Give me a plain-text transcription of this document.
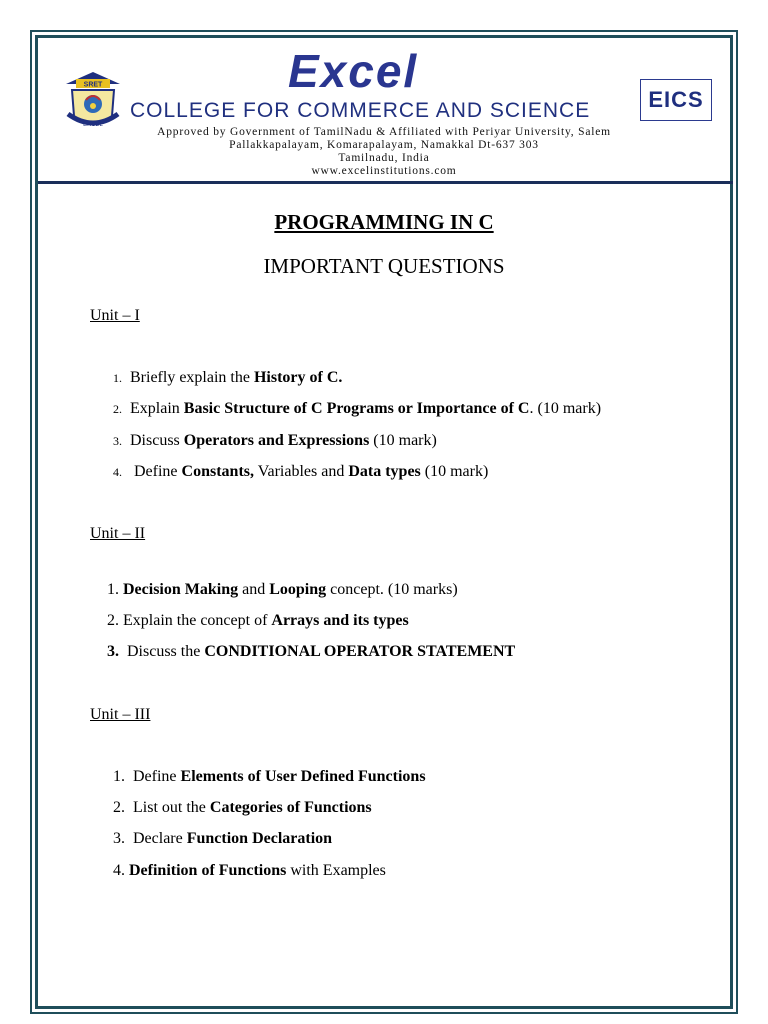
SRET
EXCEL
Excel
COLLEGE FOR COMMERCE AND SCIENCE	EICS
Approved by Government of TamilNadu & Affiliated with Periyar University, Salem
Pallakkapalayam, Komarapalayam, Namakkal Dt-637 303
Tamilnadu, India
www.excelinstitutions.com
PROGRAMMING IN C
IMPORTANT QUESTIONS
Unit – I
1. Briefly explain the History of C.
2. Explain Basic Structure of C Programs or Importance of C. (10 mark)
3. Discuss Operators and Expressions (10 mark)
4.   Define Constants, Variables and Data types (10 mark)
Unit – II
1. Decision Making and Looping concept. (10 marks)
2. Explain the concept of Arrays and its types
3. Discuss the CONDITIONAL OPERATOR STATEMENT
Unit – III
1. Define Elements of User Defined Functions
2. List out the Categories of Functions
3. Declare Function Declaration
4. Definition of Functions with Examples
